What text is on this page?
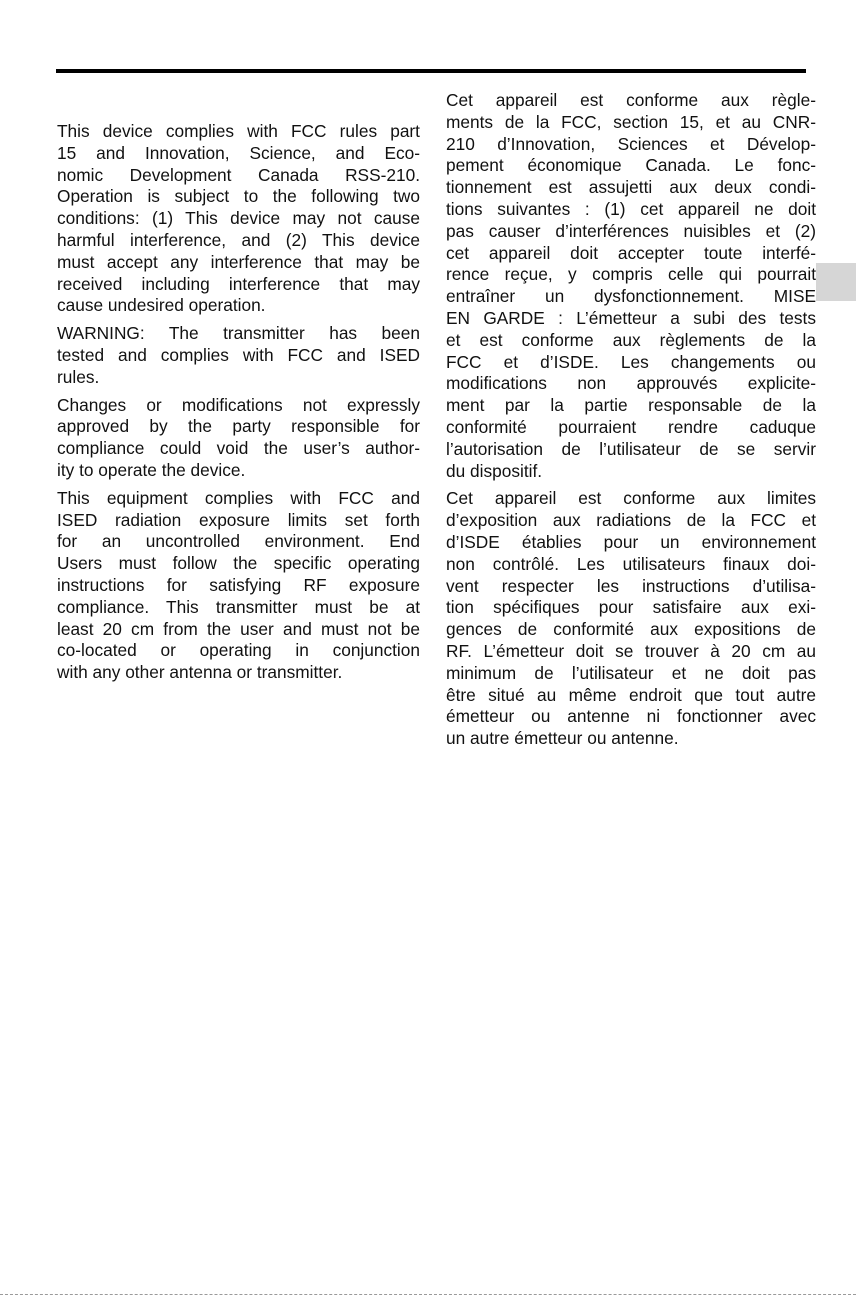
This device complies with FCC rules part
15 and Innovation, Science, and Eco-
nomic Development Canada RSS-210.
Operation is subject to the following two
conditions: (1) This device may not cause
harmful interference, and (2) This device
must accept any interference that may be
received including interference that may
cause undesired operation.
WARNING: The transmitter has been
tested and complies with FCC and ISED
rules.
Changes or modifications not expressly
approved by the party responsible for
compliance could void the user’s author-
ity to operate the device.
This equipment complies with FCC and
ISED radiation exposure limits set forth
for an uncontrolled environment. End
Users must follow the specific operating
instructions for satisfying RF exposure
compliance. This transmitter must be at
least 20 cm from the user and must not be
co-located or operating in conjunction
with any other antenna or transmitter.
Cet appareil est conforme aux règle-
ments de la FCC, section 15, et au CNR-
210 d’Innovation, Sciences et Dévelop-
pement économique Canada. Le fonc-
tionnement est assujetti aux deux condi-
tions suivantes : (1) cet appareil ne doit
pas causer d’interférences nuisibles et (2)
cet appareil doit accepter toute interfé-
rence reçue, y compris celle qui pourrait
entraîner un dysfonctionnement. MISE
EN GARDE : L’émetteur a subi des tests
et est conforme aux règlements de la
FCC et d’ISDE. Les changements ou
modifications non approuvés explicite-
ment par la partie responsable de la
conformité pourraient rendre caduque
l’autorisation de l’utilisateur de se servir
du dispositif.
Cet appareil est conforme aux limites
d’exposition aux radiations de la FCC et
d’ISDE établies pour un environnement
non contrôlé. Les utilisateurs finaux doi-
vent respecter les instructions d’utilisa-
tion spécifiques pour satisfaire aux exi-
gences de conformité aux expositions de
RF. L’émetteur doit se trouver à 20 cm au
minimum de l’utilisateur et ne doit pas
être situé au même endroit que tout autre
émetteur ou antenne ni fonctionner avec
un autre émetteur ou antenne.
